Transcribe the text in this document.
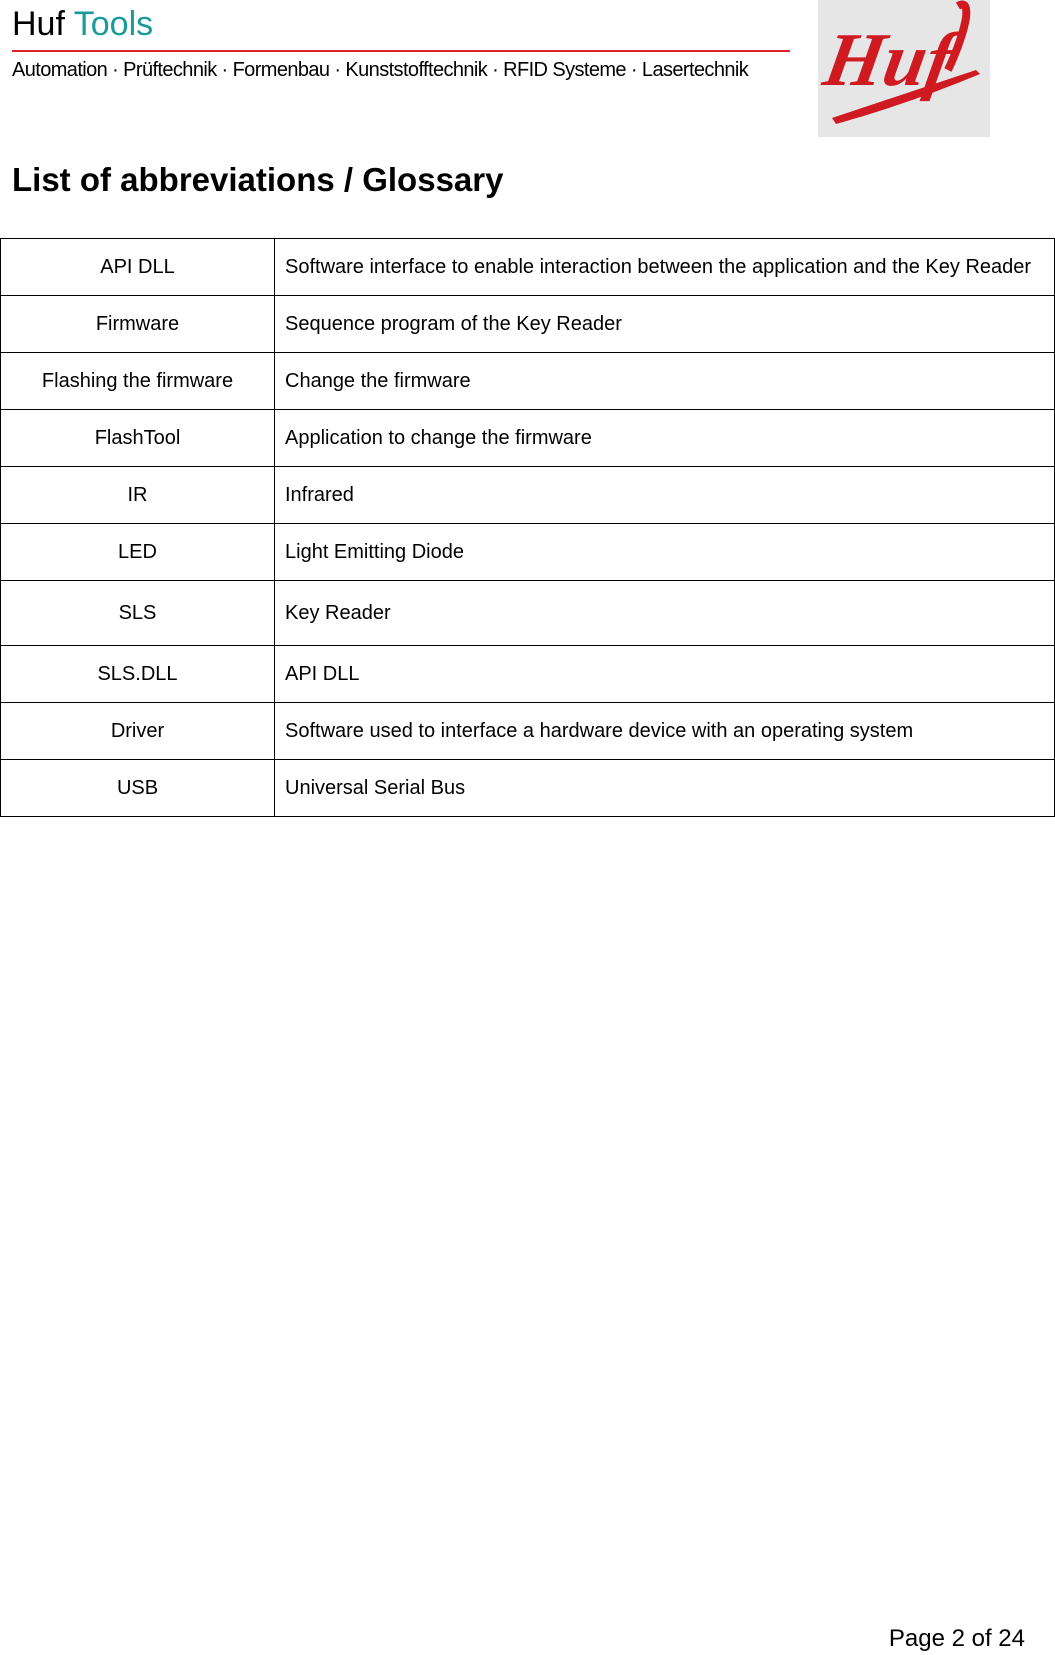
Huf Tools
Automation · Prüftechnik · Formenbau · Kunststofftechnik · RFID Systeme · Lasertechnik Huf
List of abbreviations / Glossary
API DLL	Software interface to enable interaction between the application and the Key Reader
Firmware	Sequence program of the Key Reader
Flashing the firmware	Change the firmware
FlashTool	Application to change the firmware
IR	Infrared
LED	Light Emitting Diode
SLS	Key Reader
SLS.DLL	API DLL
Driver	Software used to interface a hardware device with an operating system
USB	Universal Serial Bus
Page 2 of 24
